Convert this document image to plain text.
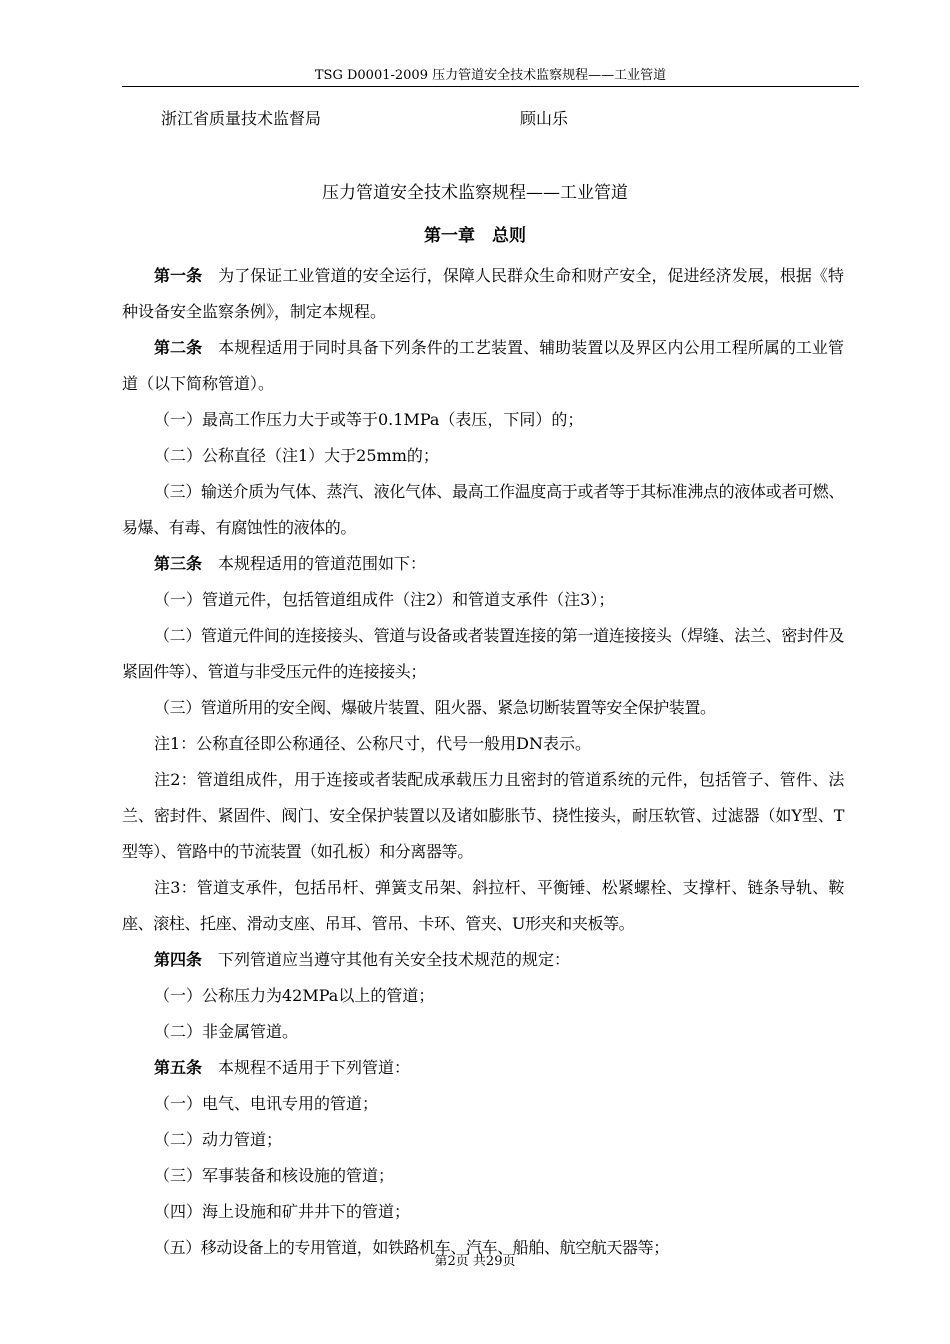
TSG D0001-2009 压力管道安全技术监察规程——工业管道
浙江省质量技术监督局	顾山乐
压力管道安全技术监察规程——工业管道
第一章　总则

第一条 为了保证工业管道的安全运行，保障人民群众生命和财产安全，促进经济发展，根据《特种设备安全监察条例》，制定本规程。

第二条 本规程适用于同时具备下列条件的工艺装置、辅助装置以及界区内公用工程所属的工业管道（以下简称管道）。

（一）最高工作压力大于或等于0.1MPa（表压，下同）的；

（二）公称直径（注1）大于25mm的；

（三）输送介质为气体、蒸汽、液化气体、最高工作温度高于或者等于其标准沸点的液体或者可燃、易爆、有毒、有腐蚀性的液体的。

第三条 本规程适用的管道范围如下：

（一）管道元件，包括管道组成件（注2）和管道支承件（注3）；

（二）管道元件间的连接接头、管道与设备或者装置连接的第一道连接接头（焊缝、法兰、密封件及紧固件等）、管道与非受压元件的连接接头；

（三）管道所用的安全阀、爆破片装置、阻火器、紧急切断装置等安全保护装置。

注1：公称直径即公称通径、公称尺寸，代号一般用DN表示。

注2：管道组成件，用于连接或者装配成承载压力且密封的管道系统的元件，包括管子、管件、法兰、密封件、紧固件、阀门、安全保护装置以及诸如膨胀节、挠性接头，耐压软管、过滤器（如Y型、T型等）、管路中的节流装置（如孔板）和分离器等。

注3：管道支承件，包括吊杆、弹簧支吊架、斜拉杆、平衡锤、松紧螺栓、支撑杆、链条导轨、鞍座、滚柱、托座、滑动支座、吊耳、管吊、卡环、管夹、U形夹和夹板等。

第四条 下列管道应当遵守其他有关安全技术规范的规定：

（一）公称压力为42MPa以上的管道；

（二）非金属管道。

第五条 本规程不适用于下列管道：

（一）电气、电讯专用的管道；

（二）动力管道；

（三）军事装备和核设施的管道；

（四）海上设施和矿井井下的管道；

（五）移动设备上的专用管道，如铁路机车、汽车、船舶、航空航天器等；

第2页 共29页
